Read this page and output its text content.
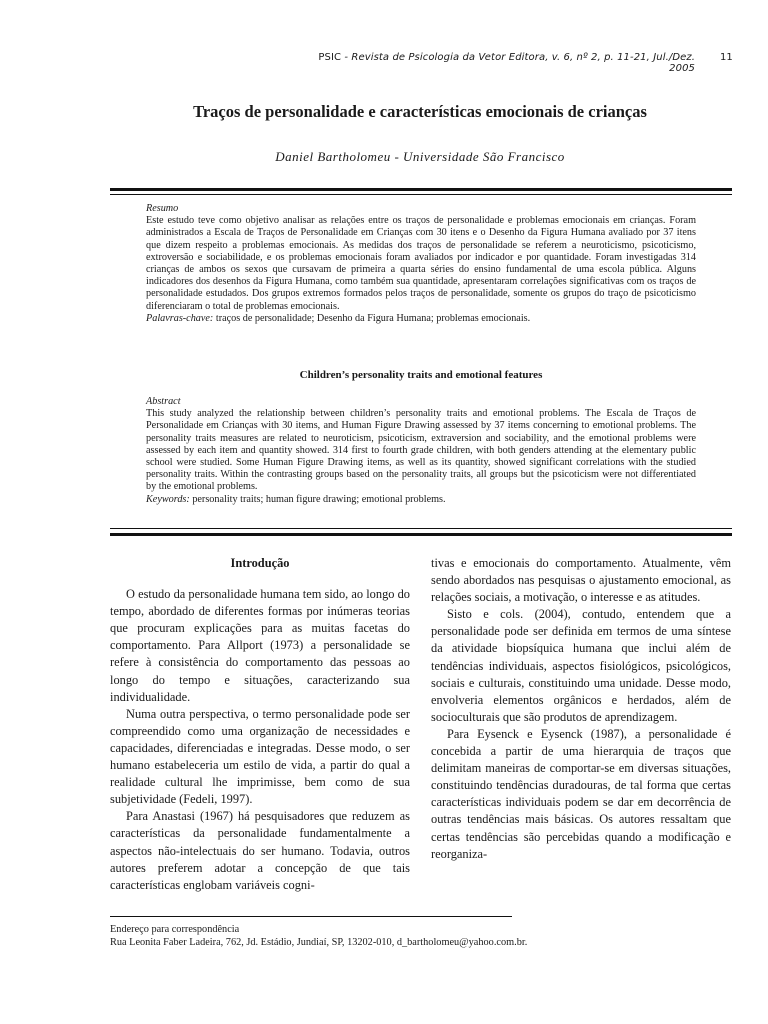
PSIC - Revista de Psicologia da Vetor Editora, v. 6, nº 2, p. 11-21, Jul./Dez. 2005
11
Traços de personalidade e características emocionais de crianças
Daniel Bartholomeu - Universidade São Francisco
Resumo
Este estudo teve como objetivo analisar as relações entre os traços de personalidade e problemas emocionais em crianças. Foram administrados a Escala de Traços de Personalidade em Crianças com 30 itens e o Desenho da Figura Humana avaliado por 37 itens que dizem respeito a problemas emocionais. As medidas dos traços de personalidade se referem a neuroticismo, psicoticismo, extroversão e sociabilidade, e os problemas emocionais foram avaliados por indicador e por quantidade. Foram investigadas 314 crianças de ambos os sexos que cursavam de primeira a quarta séries do ensino fundamental de uma escola pública. Alguns indicadores dos desenhos da Figura Humana, como também sua quantidade, apresentaram correlações significativas com os traços de personalidade estudados. Dos grupos extremos formados pelos traços de personalidade, somente os grupos do traço de psicoticismo diferenciaram o total de problemas emocionais.
Palavras-chave: traços de personalidade; Desenho da Figura Humana; problemas emocionais.
Children’s personality traits and emotional features
Abstract
This study analyzed the relationship between children’s personality traits and emotional problems. The Escala de Traços de Personalidade em Crianças with 30 items, and Human Figure Drawing assessed by 37 items concerning to emotional problems. The personality traits measures are related to neuroticism, psicoticism, extraversion and sociability, and the emotional problems were assessed by each item and quantity showed. 314 first to fourth grade children, with both genders attending at the elementary public school were studied. Some Human Figure Drawing items, as well as its quantity, showed significant correlations with the studied personality traits. Within the contrasting groups based on the personality traits, all groups but the psicoticism were not differentiated by the emotional problems.
Keywords: personality traits; human figure drawing; emotional problems.
Introdução

O estudo da personalidade humana tem sido, ao longo do tempo, abordado de diferentes formas por inúmeras teorias que procuram explicações para as muitas facetas do comportamento. Para Allport (1973) a personalidade se refere à consistência do comportamento das pessoas ao longo do tempo e situações, caracterizando sua individualidade.

Numa outra perspectiva, o termo personalidade pode ser compreendido como uma organização de necessidades e capacidades, diferenciadas e integradas. Desse modo, o ser humano estabeleceria um estilo de vida, a partir do qual a realidade cultural lhe imprimisse, bem como de sua subjetividade (Fedeli, 1997).

Para Anastasi (1967) há pesquisadores que reduzem as características da personalidade fundamentalmente a aspectos não-intelectuais do ser humano. Todavia, outros autores preferem adotar a concepção de que tais características englobam variáveis cogni-

tivas e emocionais do comportamento. Atualmente, vêm sendo abordados nas pesquisas o ajustamento emocional, as relações sociais, a motivação, o interesse e as atitudes.

Sisto e cols. (2004), contudo, entendem que a personalidade pode ser definida em termos de uma síntese da atividade biopsíquica humana que inclui além de tendências individuais, aspectos fisiológicos, psicológicos, sociais e culturais, constituindo uma unidade. Desse modo, envolveria elementos orgânicos e herdados, além de socioculturais que são produtos de aprendizagem.

Para Eysenck e Eysenck (1987), a personalidade é concebida a partir de uma hierarquia de traços que delimitam maneiras de comportar-se em diversas situações, constituindo tendências duradouras, de tal forma que certas características individuais podem se dar em decorrência de outras tendências mais básicas. Os autores ressaltam que certas tendências são percebidas quando a modificação e reorganiza-

Endereço para correspondência
Rua Leonita Faber Ladeira, 762, Jd. Estádio, Jundiaí, SP, 13202-010, d_bartholomeu@yahoo.com.br.
